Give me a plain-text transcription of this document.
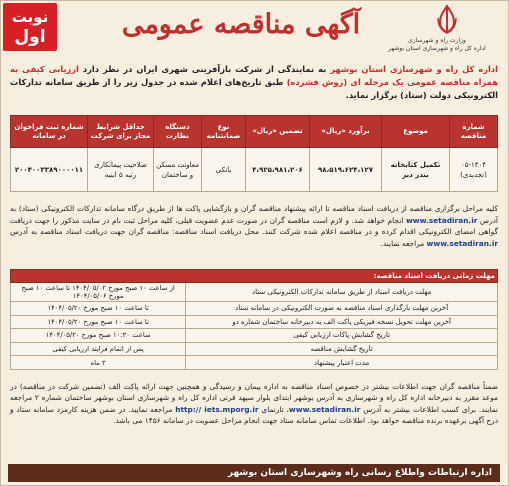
نوبت
اول	آگهی مناقصه عمومی
وزارت راه و شهرسازی
اداره کل راه و شهرسازی استان بوشهر
اداره کل راه و شهرسازی استان بوشهر به نمایندگی از شرکت بازآفرینی شهری ایران در نظر دارد ارزیابی کیفی به همراه مناقصه عمومی یک مرحله ای (روش فشرده) طبق تاریخ‌های اعلام شده در جدول زیر را از طریق سامانه تدارکات الکترونیکی دولت (ستاد) برگزار نماید.
شماره مناقصه	موضوع	برآورد «ریال»	تضمین «ریال»	نوع ضمانتنامه	دستگاه نظارت	حداقل شرایط مجاز برای شرکت	شماره ثبت فراخوان در سامانه
۰۵-۱۴۰۴ (تجدیدی)	تکمیل کتابخانه بندر دیر	۹۸،۵۱۹،۶۲۴،۱۲۷	۴،۹۲۵،۹۸۱،۲۰۶	بانکی	معاونت مسکن و ساختمان	صلاحیت پیمانکاری رتبه ۵ ابنیه	۲۰۰۴۰۰۳۳۸۹۰۰۰۰۱۱
کلیه مراحل برگزاری مناقصه از دریافت اسناد مناقصه تا ارائه پیشنهاد مناقصه گران و بازگشایی پاکت ها از طریق درگاه سامانه تدارکات الکترونیکی (ستاد) به آدرس www.setadiran.ir انجام خواهد شد. و لازم است مناقصه گران در صورت عدم عضویت قبلی، کلیه مراحل ثبت نام در سایت مذکور را جهت دریافت گواهی امضای الکترونیکی اقدام کرده و در مناقصه اعلام شده شرکت کنند. محل دریافت اسناد مناقصه: مناقصه گران جهت دریافت اسناد مناقصه به آدرس www.setadiran.ir مراجعه نمایند.
مهلت زمانی دریافت اسناد مناقصه:	
مهلت دریافت اسناد از طریق سامانه تدارکات الکترونیکی ستاد	از ساعت ۱۰ صبح مورخ ۱۴۰۴/۰۵/۰۲ تا ساعت ۱۰ صبح مورخ ۱۴۰۴/۰۵/۰۶
آخرین مهلت بارگذاری اسناد مناقصه به صورت الکترونیکی در سامانه ستاد	تا ساعت ۱۰ صبح مورخ ۱۴۰۴/۰۵/۲۰
آخرین مهلت تحویل نسخه فیزیکی پاکت الف به دبیرخانه ساختمان شماره دو	تا ساعت ۱۰ صبح مورخ ۱۴۰۴/۰۵/۲۰
تاریخ گشایش پاکات ارزیابی کیفی	ساعت ۱۰:۳۰ صبح مورخ ۱۴۰۴/۰۵/۲۰
تاریخ گشایش مناقصه	پس از اتمام فرایند ارزیابی کیفی
مدت اعتبار پیشنهاد	۳ ماه
ضمناً مناقصه گران جهت اطلاعات بیشتر در خصوص اسناد مناقصه به اداره پیمان و رسیدگی و همچنین جهت ارائه پاکت الف (تضمین شرکت در مناقصه) در موعد مقرر به دبیرخانه اداره کل راه و شهرسازی به آدرس بوشهر ابتدای بلوار سپهد قرنی اداره کل راه و شهرسازی استان بوشهر ساختمان شماره ۲ مراجعه نمایند. برای کسب اطلاعات بیشتر به آدرس www.setadiran.ir، تارنمای http:// iets.mporg.ir مراجعه نمایید. در ضمن هزینه کارمزد سامانه ستاد و درج آگهی برعهده برنده مناقصه خواهد بود. اطلاعات تماس سامانه ستاد جهت انجام مراحل عضویت در سامانه ۱۴۵۶ می باشد.
اداره ارتباطات واطلاع رسانی راه وشهرسازی استان بوشهر
